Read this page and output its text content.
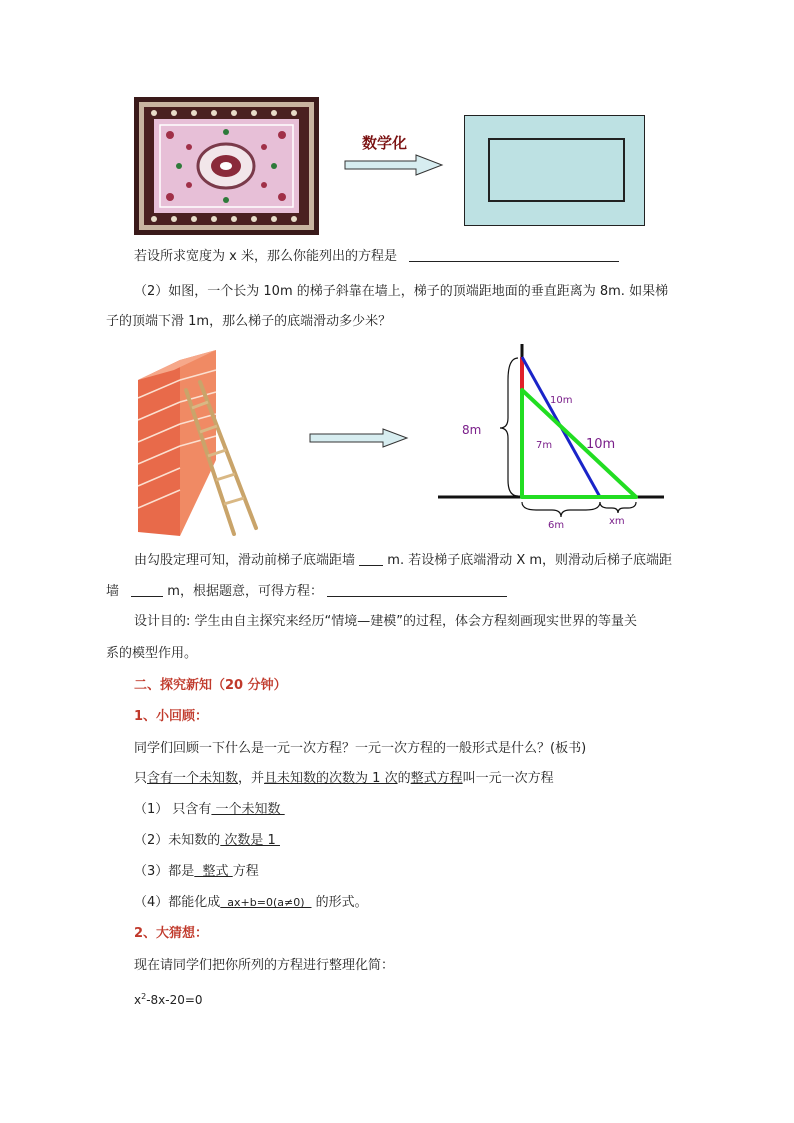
数学化
若设所求宽度为 x 米，那么你能列出的方程是
（2）如图，一个长为 10m 的梯子斜靠在墙上，梯子的顶端距地面的垂直距离为 8m. 如果梯
子的顶端下滑 1m，那么梯子的底端滑动多少米？
8m
10m
7m	10m
6m	xm
由勾股定理可知，滑动前梯子底端距墙 m. 若设梯子底端滑动 X m，则滑动后梯子底端距
墙	m，根据题意，可得方程：
设计目的: 学生由自主探究来经历“情境—建模”的过程，体会方程刻画现实世界的等量关
系的模型作用。
二、探究新知（20 分钟）
1、小回顾：
同学们回顾一下什么是一元一次方程？一元一次方程的一般形式是什么？(板书)
只含有一个未知数，并且未知数的次数为 1 次的整式方程叫一元一次方程
（1） 只含有 一个未知数
（2）未知数的 次数是 1
（3）都是  整式 方程
（4）都能化成  ax+b=0(a≠0)   的形式。
2、大猜想：
现在请同学们把你所列的方程进行整理化简：
$x^2-8x-20=0$
